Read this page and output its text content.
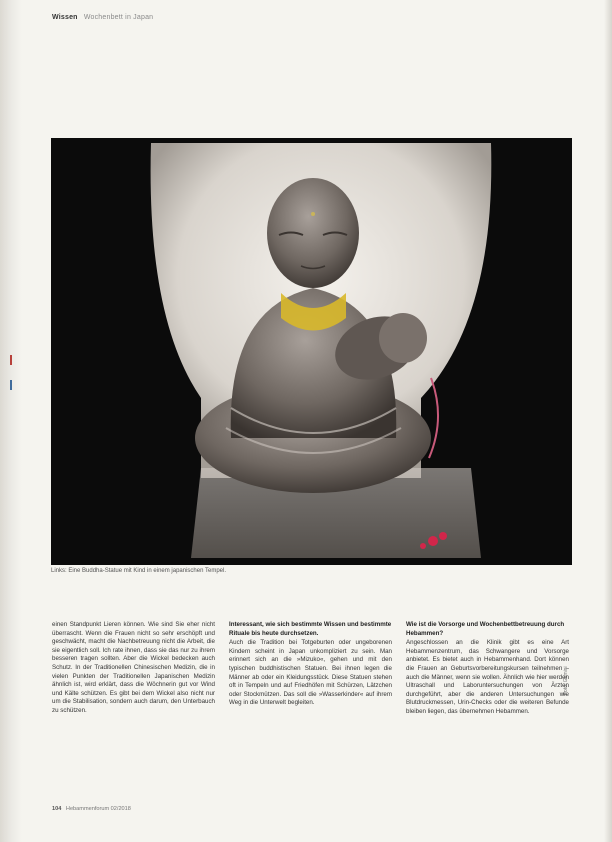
Wissen Wochenbett in Japan
Foto: Gemini
Links: Eine Buddha-Statue mit Kind in einem japanischen Tempel.

einen Standpunkt Lieren können. Wie sind Sie eher nicht überrascht. Wenn die Frauen nicht so sehr erschöpft und geschwächt, macht die Nachbetreuung nicht die Arbeit, die sie eigentlich soll. Ich rate ihnen, dass sie das nur zu ihrem besseren tragen sollten. Aber die Wickel bedecken auch Schutz. In der Traditionellen Chinesischen Medizin, die in vielen Punkten der Traditionellen Japanischen Medizin ähnlich ist, wird erklärt, dass die Wöchnerin gut vor Wind und Kälte schützen. Es gibt bei dem Wickel also nicht nur um die Stabilisation, sondern auch darum, den Unterbauch zu schützen.

Interessant, wie sich bestimmte Wissen und bestimmte Rituale bis heute durchsetzen.

Auch die Tradition bei Totgeburten oder ungeborenen Kindern scheint in Japan unkompliziert zu sein. Man erinnert sich an die »Mizuko«, gehen und mit den typischen buddhistischen Statuen. Bei ihnen legen die Männer ab oder ein Kleidungsstück. Diese Statuen stehen oft in Tempeln und auf Friedhöfen mit Schürzen, Lätzchen oder Stockmützen. Das soll die »Wasserkinder« auf ihrem Weg in die Unterwelt begleiten.

Wie ist die Vorsorge und Wochenbettbetreuung durch Hebammen?

Angeschlossen an die Klinik gibt es eine Art Hebammenzentrum, das Schwangere und Vorsorge anbietet. Es bietet auch in Hebammenhand. Dort können die Frauen an Geburtsvorbereitungskursen teilnehmen – auch die Männer, wenn sie wollen. Ähnlich wie hier werden Ultraschall und Laboruntersuchungen von Ärzten durchgeführt, aber die anderen Untersuchungen wie Blutdruckmessen, Urin-Checks oder die weiteren Befunde bleiben liegen, das übernehmen Hebammen.

104 Hebammenforum 02/2018
